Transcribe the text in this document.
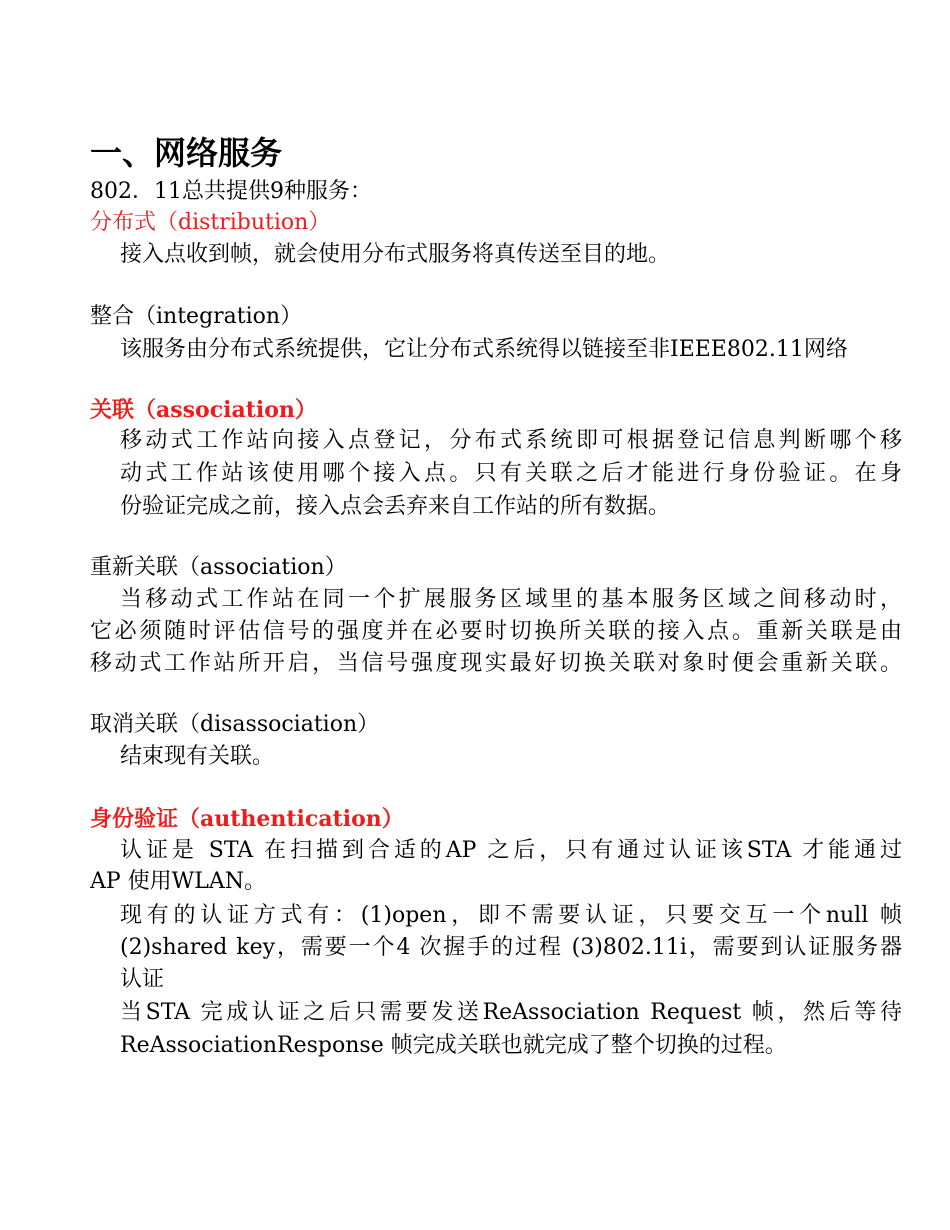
一、网络服务
802．11总共提供9种服务：
分布式（distribution）
接入点收到帧，就会使用分布式服务将真传送至目的地。
整合（integration）
该服务由分布式系统提供，它让分布式系统得以链接至非IEEE802.11网络
关联（association）
移动式工作站向接入点登记，分布式系统即可根据登记信息判断哪个移
动式工作站该使用哪个接入点。只有关联之后才能进行身份验证。在身
份验证完成之前，接入点会丢弃来自工作站的所有数据。
重新关联（association）
当移动式工作站在同一个扩展服务区域里的基本服务区域之间移动时，
它必须随时评估信号的强度并在必要时切换所关联的接入点。重新关联是由
移动式工作站所开启，当信号强度现实最好切换关联对象时便会重新关联。
取消关联（disassociation）
结束现有关联。
身份验证（authentication）
认证是 STA 在扫描到合适的AP 之后，只有通过认证该STA 才能通过
AP 使用WLAN。
现有的认证方式有：(1)open，即不需要认证，只要交互一个null 帧
(2)shared key，需要一个4 次握手的过程 (3)802.11i，需要到认证服务器
认证
当STA 完成认证之后只需要发送ReAssociation Request 帧，然后等待
ReAssociationResponse 帧完成关联也就完成了整个切换的过程。
